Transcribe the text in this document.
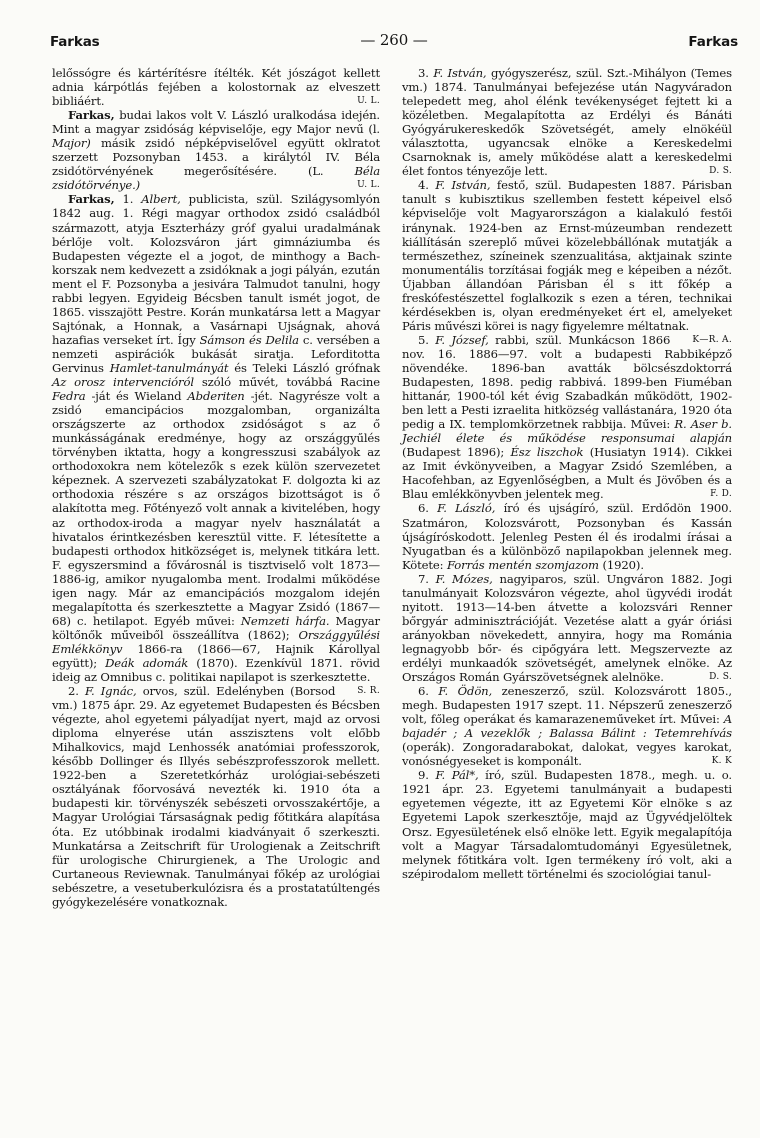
Farkas	— 260 —	Farkas

lelőssógre és kártérítésre ítélték. Két jószágot kellett adnia kárpótlás fejében a kolostornak az elveszett bibliáért.	U. L.

Farkas, budai lakos volt V. László uralkodása idején. Mint a magyar zsidóság képviselője, egy Major nevű (l. Major) másik zsidó népképviselővel együtt oklratot szerzett Pozsonyban 1453. a királytól IV. Béla zsidótörvényének megerősítésére. (L.	Béla zsidótörvénye.)	U. L.

Farkas, 1. Albert, publicista, szül. Szilágysomlyón 1842 aug. 1. Régi magyar orthodox zsidó családból származott, atyja Eszterházy gróf gyalui uradalmának bérlője volt. Kolozsváron járt gimnáziumba és Budapesten végezte el a jogot, de minthogy a Bach-korszak nem kedvezett a zsidóknak a jogi pályán, ezután ment el F. Pozsonyba a jesivára Talmudot tanulni, hogy rabbi legyen. Egyideig Bécsben tanult ismét jogot, de 1865. visszajött Pestre. Korán munkatársa lett a Magyar Sajtónak, a Honnak, a Vasárnapi Ujságnak, ahová hazafias verseket írt. Így Sámson és Delila c. versében a nemzeti aspirációk bukását siratja. Leforditotta Gervinus Hamlet-tanulmányát és Teleki László grófnak Az orosz intervencióról szóló művét, továbbá Racine Fedra -ját és Wieland Abderiten -jét. Nagyrésze volt a zsidó emancipácios mozgalomban, organizálta országszerte az orthodox zsidóságot s az ő munkásságának eredménye, hogy az országgyűlés törvényben iktatta, hogy a kongresszusi szabályok az orthodoxokra nem kötelezők s ezek külön szervezetet képeznek. A szervezeti szabályzatokat F. dolgozta ki az orthodoxia részére s az országos bizottságot is ő alakította meg. Főtényező volt annak a kivitelében, hogy az orthodox-iroda a magyar nyelv használatát a hivatalos érintkezésben keresztül vitte. F. létesítette a budapesti orthodox hitközséget is, melynek titkára lett. F. egyszersmind a fővárosnál is tisztviselő volt 1873—1886-ig, amikor nyugalomba ment. Irodalmi működése igen nagy. Már az emancipációs mozgalom idején megalapította és szerkesztette a Magyar Zsidó (1867—68) c. hetilapot. Egyéb művei: Nemzeti hárfa. Magyar költőnők műveiből összeállítva (1862); Országgyűlési Emlékkönyv 1866-ra (1866—67, Hajnik Károllyal együtt); Deák adomák (1870). Ezenkívül 1871. rövid ideig az Omnibus c. politikai napilapot is szerkesztette.
S. R.

2. F. Ignác, orvos, szül. Edelényben (Borsod vm.) 1875 ápr. 29. Az egyetemet Budapesten és Bécsben végezte, ahol egyetemi pályadíjat nyert, majd az orvosi diploma elnyerése után asszisztens volt előbb Mihalkovics, majd Lenhossék anatómiai professzorok, később Dollinger és Illyés sebészprofesszorok mellett. 1922-ben a Szeretetkórház urológiai-sebészeti osztályának főorvosává nevezték ki. 1910 óta a budapesti kir. törvényszék sebészeti orvosszakértője, a Magyar Urológiai Társaságnak pedig főtitkára alapítása óta. Ez utóbbinak irodalmi kiadványait ő szerkeszti. Munkatársa a Zeitschrift für Urologienak a Zeitschrift für urologische Chirurgienek, a The Urologic and Curtaneous Reviewnak. Tanulmányai főkép az urológiai sebészetre, a vesetuberkulózisra és a prostatatúltengés gyógykezelésére vonatkoznak.

3. F. István, gyógyszerész, szül. Szt.-Mihályon (Temes vm.) 1874. Tanulmányai befejezése után Nagyváradon telepedett meg, ahol élénk tevékenységet fejtett ki a közéletben. Megalapította az Erdélyi és Bánáti Gyógyárukereskedők Szövetségét, amely elnökéül választotta, ugyancsak elnöke a Kereskedelmi Csarnoknak is, amely működése alatt a kereskedelmi élet fontos tényezője lett.	D. S.

4. F. István, festő, szül. Budapesten 1887. Párisban tanult s kubisztikus szellemben festett képeivel első képviselője volt Magyarországon a kialakuló festői iránynak. 1924-ben az Ernst-múzeumban rendezett kiállításán szereplő művei közelebbállónak mutatják a természethez, színeinek szenzualitása, aktjainak szinte monumentális torzításai fogják meg e képeiben a nézőt. Újabban állandóan Párisban él s itt főkép a freskófestészettel foglalkozik s ezen a téren, technikai kérdésekben is, olyan eredményeket ért el, amelyeket Páris művészi körei is nagy figyelemre méltatnak.
K—R. A.

5. F. József, rabbi, szül. Munkácson 1866 nov. 16. 1886—97. volt a budapesti Rabbiképző növendéke. 1896-ban avatták bölcsészdoktorrá Budapesten, 1898. pedig rabbivá. 1899-ben Fiuméban hittanár, 1900-tól két évig Szabadkán működött, 1902-ben lett a Pesti izraelita hitközség vallástanára, 1920 óta pedig a IX. templomkörzetnek rabbija. Művei: R. Aser b. Jechiél élete és működése responsumai alapján (Budapest 1896); Ész liszchok (Husiatyn 1914). Cikkei az Imit évkönyveiben, a Magyar Zsidó Szemlében, a Hacofehban, az Egyenlőségben, a Mult és Jövőben és a Blau emlékkönyvben jelentek meg.	F. D.

6. F. László, író és ujságíró, szül. Erdődön 1900. Szatmáron, Kolozsvárott, Pozsonyban és Kassán újságíróskodott. Jelenleg Pesten él és irodalmi írásai a Nyugatban és a különböző napilapokban jelennek meg. Kötete: Forrás mentén szomjazom (1920).

7. F. Mózes, nagyiparos, szül. Ungváron 1882. Jogi tanulmányait Kolozsváron végezte, ahol ügyvédi irodát nyitott. 1913—14-ben átvette a kolozsvári Renner bőrgyár adminisztrációját. Vezetése alatt a gyár óriási arányokban növekedett, annyira, hogy ma Románia legnagyobb bőr- és cipőgyára lett. Megszervezte az erdélyi munkaadók szövetségét, amelynek elnöke. Az Országos Román Gyárszövetségnek alelnöke.	D. S.

6. F. Ödön, zeneszerző, szül. Kolozsvárott 1805., megh. Budapesten 1917 szept. 11. Népszerű zeneszerző volt, főleg operákat és kamarazeneműveket írt. Művei: A bajadér ; A vezeklők ; Balassa Bálint : Tetemrehívás (operák). Zongoradarabokat, dalokat, vegyes karokat, vonósnégyeseket is komponált.	K. K

9. F. Pál*, író, szül. Budapesten 1878., megh. u. o. 1921 ápr. 23. Egyetemi tanulmányait a budapesti egyetemen végezte, itt az Egyetemi Kör elnöke s az Egyetemi Lapok szerkesztője, majd az Ügyvédjelöltek Orsz. Egyesületének első elnöke lett. Egyik megalapítója volt a Magyar Társadalomtudományi Egyesületnek, melynek főtitkára volt. Igen termékeny író volt, aki a szépirodalom mellett történelmi és szociológiai tanul-
